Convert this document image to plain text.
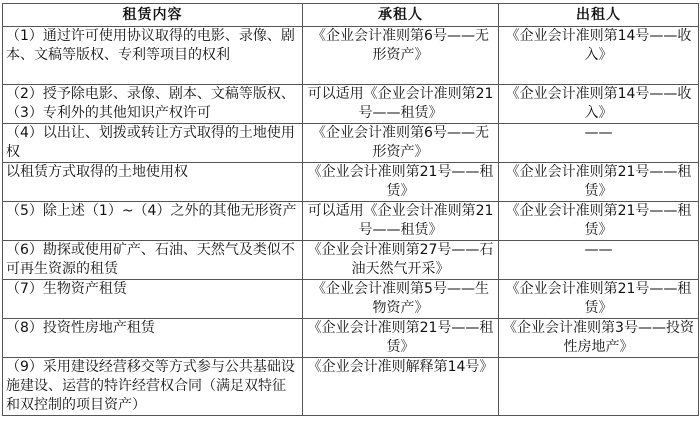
租赁内容	承租人	出租人
（1）通过许可使用协议取得的电影、录像、剧本、文稿等版权、专利等项目的权利	《企业会计准则第6号——无形资产》	《企业会计准则第14号——收入》
（2）授予除电影、录像、剧本、文稿等版权、（3）专利外的其他知识产权许可	可以适用《企业会计准则第21号——租赁》	《企业会计准则第14号——收入》
（4）以出让、划拨或转让方式取得的土地使用权	《企业会计准则第6号——无形资产》	——
以租赁方式取得的土地使用权	《企业会计准则第21号——租赁》	《企业会计准则第21号——租赁》
（5）除上述（1）~（4）之外的其他无形资产	可以适用《企业会计准则第21号——租赁》	《企业会计准则第21号——租赁》
（6）勘探或使用矿产、石油、天然气及类似不可再生资源的租赁	《企业会计准则第27号——石油天然气开采》	——
（7）生物资产租赁	《企业会计准则第5号——生物资产》	《企业会计准则第21号——租赁》
（8）投资性房地产租赁	《企业会计准则第21号——租赁》	《企业会计准则第3号——投资性房地产》
（9）采用建设经营移交等方式参与公共基础设施建设、运营的特许经营权合同（满足双特征和双控制的项目资产）	《企业会计准则解释第14号》	
